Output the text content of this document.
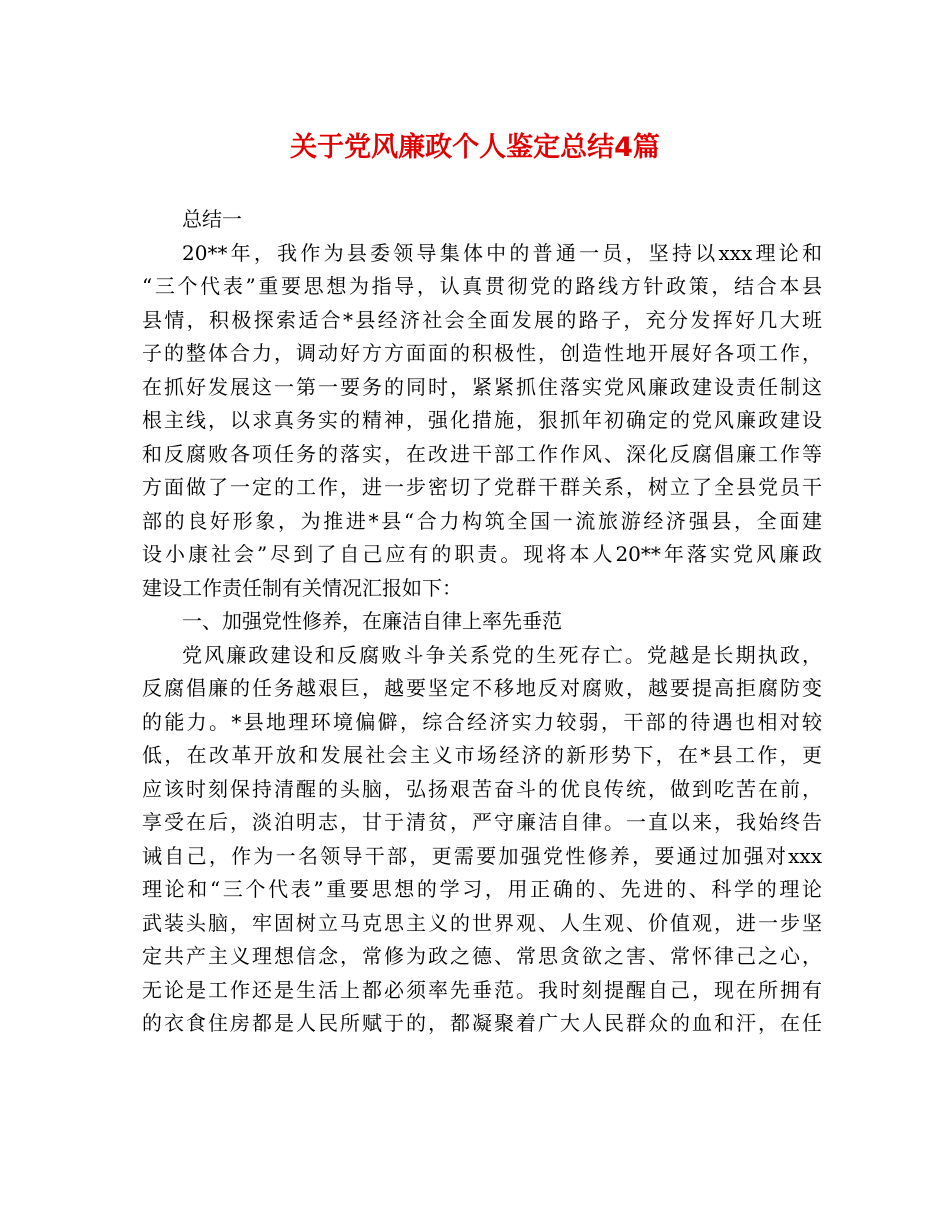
关于党风廉政个人鉴定总结4篇
总结一
20**年，我作为县委领导集体中的普通一员，坚持以xxx理论和
“三个代表”重要思想为指导，认真贯彻党的路线方针政策，结合本县
县情，积极探索适合*县经济社会全面发展的路子，充分发挥好几大班
子的整体合力，调动好方方面面的积极性，创造性地开展好各项工作，
在抓好发展这一第一要务的同时，紧紧抓住落实党风廉政建设责任制这
根主线，以求真务实的精神，强化措施，狠抓年初确定的党风廉政建设
和反腐败各项任务的落实，在改进干部工作作风、深化反腐倡廉工作等
方面做了一定的工作，进一步密切了党群干群关系，树立了全县党员干
部的良好形象，为推进*县“合力构筑全国一流旅游经济强县，全面建
设小康社会”尽到了自己应有的职责。现将本人20**年落实党风廉政
建设工作责任制有关情况汇报如下：
一、加强党性修养，在廉洁自律上率先垂范
党风廉政建设和反腐败斗争关系党的生死存亡。党越是长期执政，
反腐倡廉的任务越艰巨，越要坚定不移地反对腐败，越要提高拒腐防变
的能力。*县地理环境偏僻，综合经济实力较弱，干部的待遇也相对较
低，在改革开放和发展社会主义市场经济的新形势下，在*县工作，更
应该时刻保持清醒的头脑，弘扬艰苦奋斗的优良传统，做到吃苦在前，
享受在后，淡泊明志，甘于清贫，严守廉洁自律。一直以来，我始终告
诫自己，作为一名领导干部，更需要加强党性修养，要通过加强对xxx
理论和“三个代表”重要思想的学习，用正确的、先进的、科学的理论
武装头脑，牢固树立马克思主义的世界观、人生观、价值观，进一步坚
定共产主义理想信念，常修为政之德、常思贪欲之害、常怀律己之心，
无论是工作还是生活上都必须率先垂范。我时刻提醒自己，现在所拥有
的衣食住房都是人民所赋于的，都凝聚着广大人民群众的血和汗，在任
